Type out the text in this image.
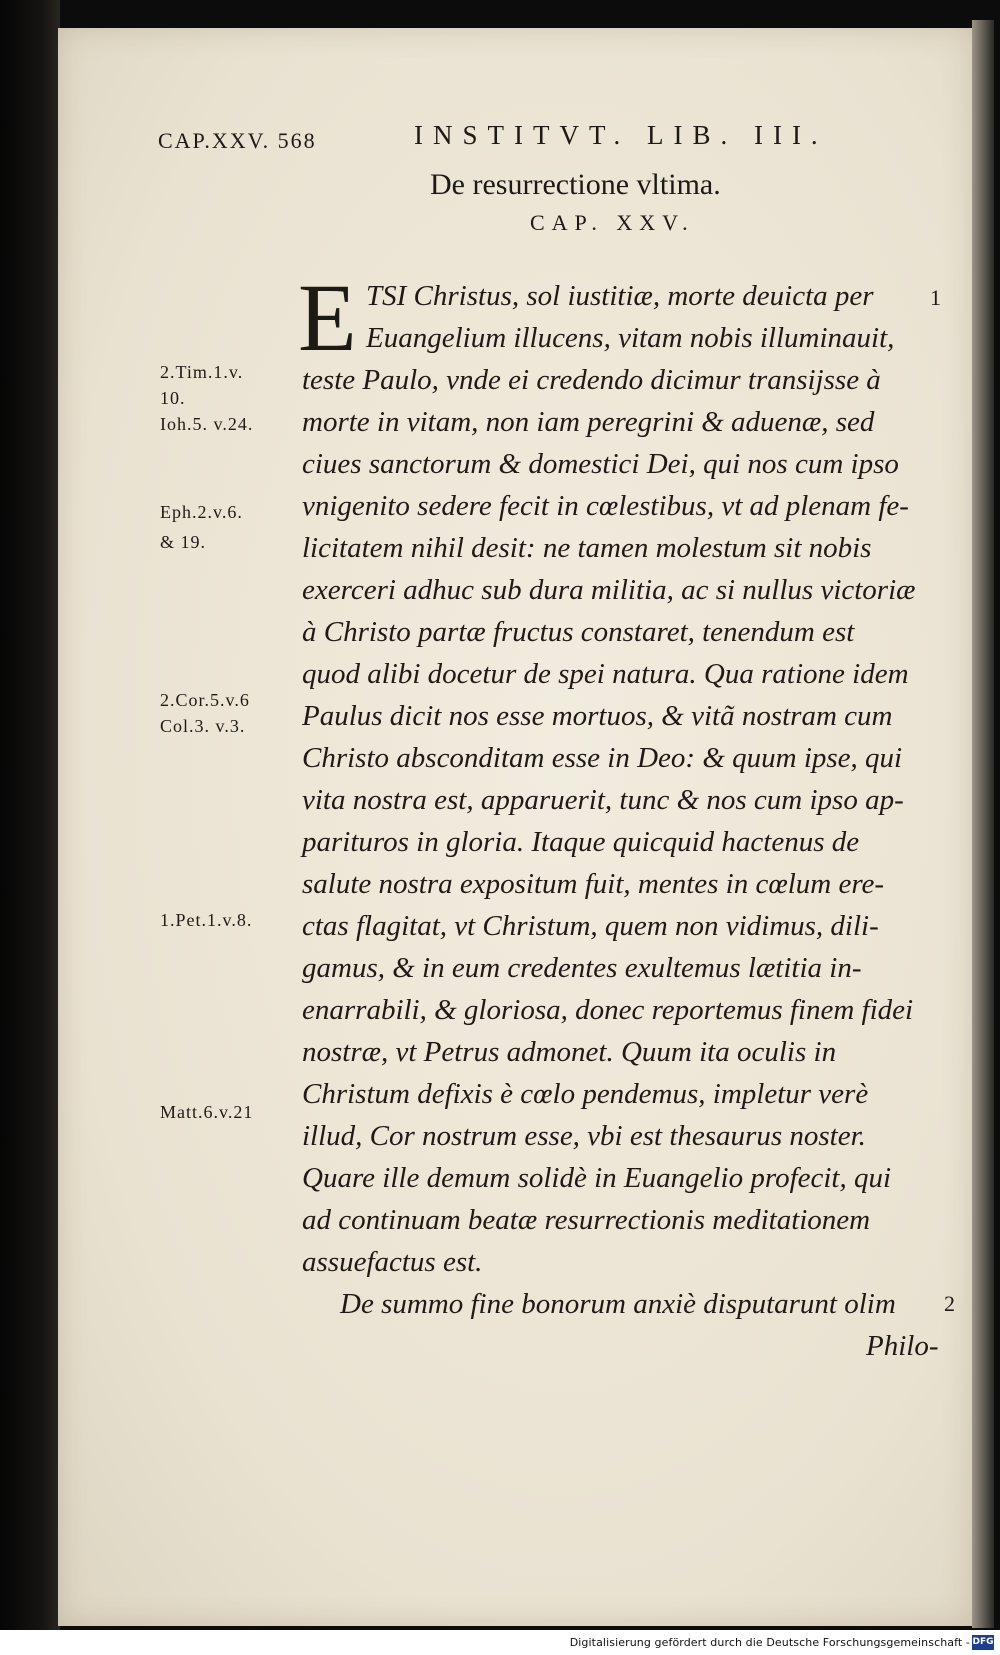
CAP.XXV. 568	INSTITVT. LIB. III.
De resurrectione vltima.
CAP. XXV.
E TSI Christus, sol iustitiæ, morte deuicta per
Euangelium illucens, vitam nobis illuminauit,
teste Paulo, vnde ei credendo dicimur transijsse à
morte in vitam, non iam peregrini & aduenæ, sed
ciues sanctorum & domestici Dei, qui nos cum ipso
vnigenito sedere fecit in cœlestibus, vt ad plenam fe-
licitatem nihil desit: ne tamen molestum sit nobis
exerceri adhuc sub dura militia, ac si nullus victoriæ
à Christo partæ fructus constaret, tenendum est
quod alibi docetur de spei natura. Qua ratione idem
Paulus dicit nos esse mortuos, & vitã nostram cum
Christo absconditam esse in Deo: & quum ipse, qui
vita nostra est, apparuerit, tunc & nos cum ipso ap-
parituros in gloria. Itaque quicquid hactenus de
salute nostra expositum fuit, mentes in cœlum ere-
ctas flagitat, vt Christum, quem non vidimus, dili-
gamus, & in eum credentes exultemus lætitia in-
enarrabili, & gloriosa, donec reportemus finem fidei
nostræ, vt Petrus admonet. Quum ita oculis in
Christum defixis è cœlo pendemus, impletur verè
illud, Cor nostrum esse, vbi est thesaurus noster.
Quare ille demum solidè in Euangelio profecit, qui
ad continuam beatæ resurrectionis meditationem
assuefactus est.
De summo fine bonorum anxiè disputarunt olim
Philo-
1
2
2.Tim.1.v.
10.
Ioh.5. v.24.
Eph.2.v.6.
& 19.
2.Cor.5.v.6
Col.3. v.3.
1.Pet.1.v.8.
Matt.6.v.21
Digitalisierung gefördert durch die Deutsche Forschungsgemeinschaft - DFG
